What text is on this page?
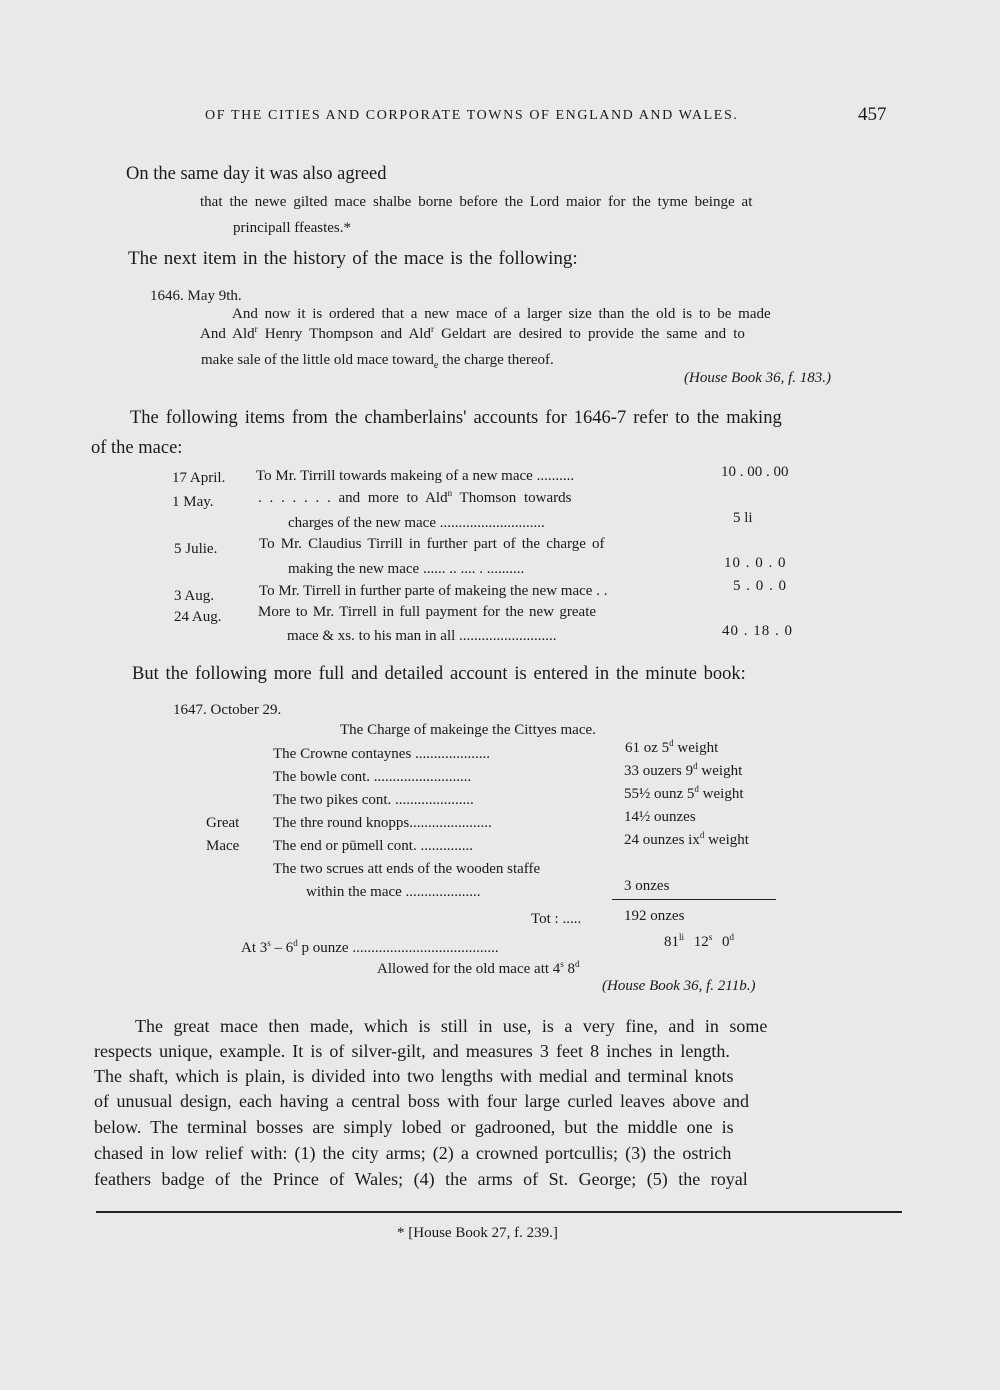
OF THE CITIES AND CORPORATE TOWNS OF ENGLAND AND WALES.	457
On the same day it was also agreed
that the newe gilted mace shalbe borne before the Lord maior for the tyme beinge at
principall ffeastes.*
The next item in the history of the mace is the following:
1646. May 9th.
And now it is ordered that a new mace of a larger size than the old is to be made
And Ald$^r$ Henry Thompson and Ald$^r$ Geldart are desired to provide the same and to
make sale of the little old mace toward$_e$ the charge thereof.
(House Book 36, f. 183.)
The following items from the chamberlains' accounts for 1646-7 refer to the making
of the mace:
17 April. To Mr. Tirrill towards makeing of a new mace ..........	10 . 00 . 00
1 May.	. . . . . . . and more to Ald$^n$ Thomson towards
charges of the new mace ............................	5 li
5 Julie.	To Mr. Claudius Tirrill in further part of the charge of
making the new mace ...... .. .... . ..........	10 . 0 . 0
3 Aug.	To Mr. Tirrell in further parte of makeing the new mace . .	5 . 0 . 0
24 Aug. More to Mr. Tirrell in full payment for the new greate
mace & xs. to his man in all ..........................	40 . 18 . 0
But the following more full and detailed account is entered in the minute book:
1647. October 29.
The Charge of makeinge the Cittyes mace.
Great
Mace
The Crowne contaynes ....................	61 oz 5$^d$ weight
The bowle cont. ..........................	33 ouzers 9$^d$ weight
The two pikes cont. .....................	55½ ounz 5$^d$ weight
The thre round knopps......................	14½ ounzes
The end or pūmell cont. ..............	24 ounzes $ix^d$ weight
The two scrues att ends of the wooden staffe
within the mace ....................	3 onzes
Tot : .....	192 onzes
At 3$^s$ – 6$^d$ p ounze .......................................	$81^{li}$ 12$^s$ 0$^d$
Allowed for the old mace att 4$^s$ 8$^d$
(House Book 36, f. 211b.)
The great mace then made, which is still in use, is a very fine, and in some
respects unique, example. It is of silver-gilt, and measures 3 feet 8 inches in length.
The shaft, which is plain, is divided into two lengths with medial and terminal knots
of unusual design, each having a central boss with four large curled leaves above and
below. The terminal bosses are simply lobed or gadrooned, but the middle one is
chased in low relief with: (1) the city arms; (2) a crowned portcullis; (3) the ostrich
feathers badge of the Prince of Wales; (4) the arms of St. George; (5) the royal
* [House Book 27, f. 239.]
